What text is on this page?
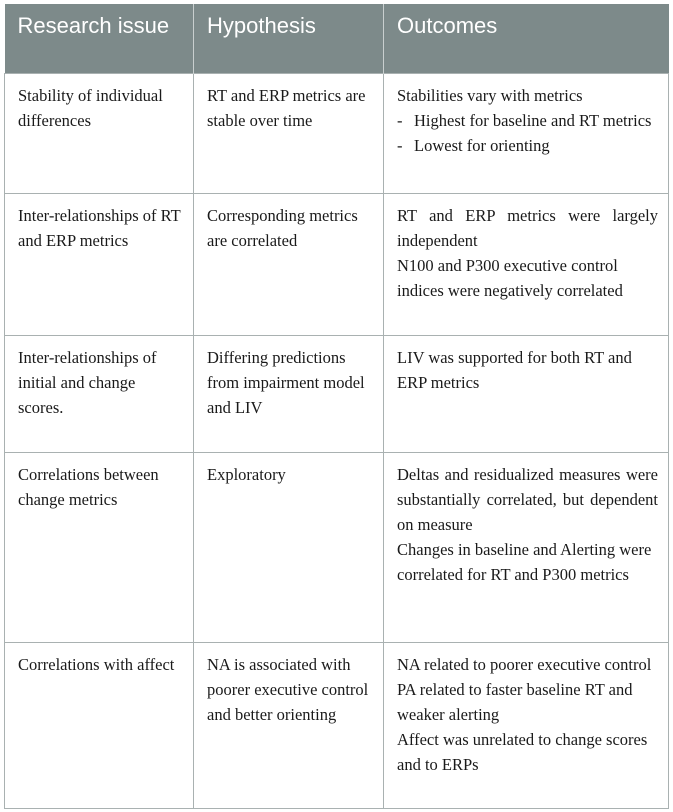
Research issue	Hypothesis	Outcomes
Stability of individual differences	RT and ERP metrics are stable over time	Stabilities vary with metrics
- Highest for baseline and RT metrics
- Lowest for orienting

Inter-relationships of RT and ERP metrics	Corresponding metrics are correlated	RT and ERP metrics were largely independent
N100 and P300 executive control indices were negatively correlated

Inter-relationships of initial and change scores.	Differing predictions from impairment model and LIV	LIV was supported for both RT and ERP metrics

Correlations between change metrics	Exploratory	Deltas and residualized measures were substantially correlated, but dependent on measure
Changes in baseline and Alerting were correlated for RT and P300 metrics

Correlations with affect	NA is associated with poorer executive control and better orienting	NA related to poorer executive control
PA related to faster baseline RT and weaker alerting
Affect was unrelated to change scores and to ERPs
